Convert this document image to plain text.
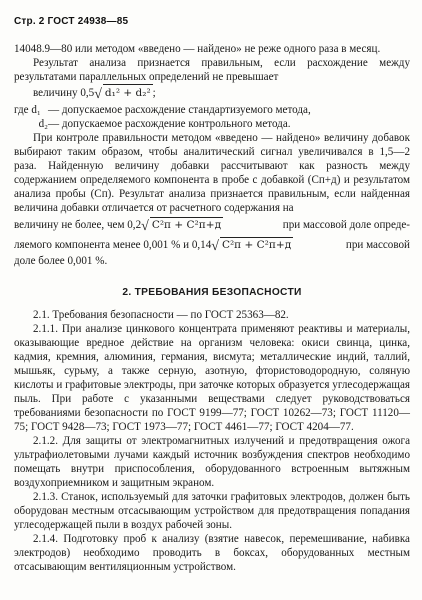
Стр. 2 ГОСТ 24938—85

14048.9—80 или методом «введено — найдено» не реже одного раза в месяц.

Результат анализа признается правильным, если расхождение между результатами параллельных определений не превышает

величину 0,5√ d₁² + d₂² ;
где d₁ — допускаемое расхождение стандартизуемого метода,
d₂ — допускаемое расхождение контрольного метода.

При контроле правильности методом «введено — найдено» величину добавок выбирают таким образом, чтобы аналитический сигнал увеличивался в 1,5—2 раза. Найденную величину добавки рассчитывают как разность между содержанием определяемого компонента в пробе с добавкой (Cп+д) и результатом анализа пробы (Cп). Результат анализа признается правильным, если найденная величина добавки отличается от расчетного содержания на

величину не более, чем 0,2√ C²п + C²п+д	при массовой доле опреде-
ляемого компонента менее 0,001 % и 0,14√ C²п + C²п+д	при массовой
доле более 0,001 %.
2. ТРЕБОВАНИЯ БЕЗОПАСНОСТИ

2.1. Требования безопасности — по ГОСТ 25363—82.

2.1.1. При анализе цинкового концентрата применяют реактивы и материалы, оказывающие вредное действие на организм человека: окиси свинца, цинка, кадмия, кремния, алюминия, германия, висмута; металлические индий, таллий, мышьяк, сурьму, а также серную, азотную, фтористоводородную, соляную кислоты и графитовые электроды, при заточке которых образуется углесодержащая пыль. При работе с указанными веществами следует руководствоваться требованиями безопасности по ГОСТ 9199—77; ГОСТ 10262—73; ГОСТ 11120—75; ГОСТ 9428—73; ГОСТ 1973—77; ГОСТ 4461—77; ГОСТ 4204—77.

2.1.2. Для защиты от электромагнитных излучений и предотвращения ожога ультрафиолетовыми лучами каждый источник возбуждения спектров необходимо помещать внутри приспособления, оборудованного встроенным вытяжным воздухоприемником и защитным экраном.

2.1.3. Станок, используемый для заточки графитовых электродов, должен быть оборудован местным отсасывающим устройством для предотвращения попадания углесодержащей пыли в воздух рабочей зоны.

2.1.4. Подготовку проб к анализу (взятие навесок, перемешивание, набивка электродов) необходимо проводить в боксах, оборудованных местным отсасывающим вентиляционным устройством.
